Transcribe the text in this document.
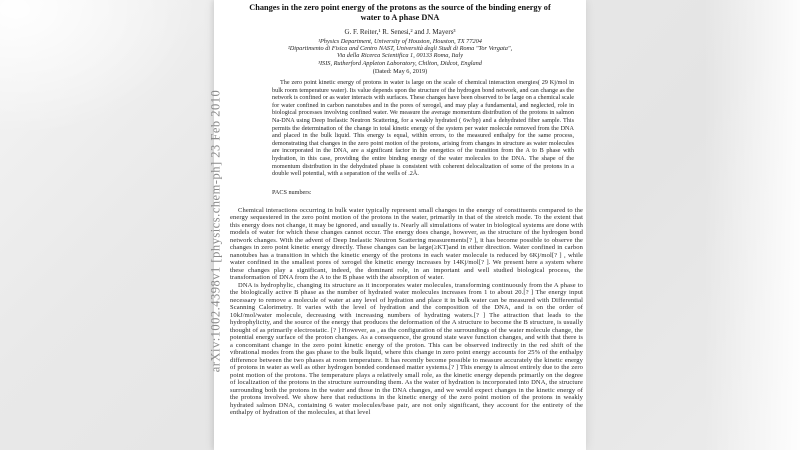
Changes in the zero point energy of the protons as the source of the binding energy of
water to A phase DNA
G. F. Reiter,¹ R. Senesi,² and J. Mayers³
¹Physics Department, University of Houston, Houston, TX 77204
²Dipartimento di Fisica and Centro NAST, Università degli Studi di Roma "Tor Vergata",
Via della Ricerca Scientifica 1, 00133 Roma, Italy
³ISIS, Rutherford Appleton Laboratory, Chilton, Didcot, England
(Dated: May 6, 2019)
The zero point kinetic energy of protons in water is large on the scale of chemical interaction energies( 29 Kj/mol in bulk room temperature water). Its value depends upon the structure of the hydrogen bond network, and can change as the network is confined or as water interacts with surfaces. These changes have been observed to be large on a chemical scale for water confined in carbon nanotubes and in the pores of xerogel, and may play a fundamental, and neglected, role in biological processes involving confined water. We measure the average momentum distribution of the protons in salmon Na-DNA using Deep Inelastic Neutron Scattering, for a weakly hydrated ( 6w/bp) and a dehydrated fiber sample. This permits the determination of the change in total kinetic energy of the system per water molecule removed from the DNA and placed in the bulk liquid. This energy is equal, within errors, to the measured enthalpy for the same process, demonstrating that changes in the zero point motion of the protons, arising from changes in structure as water molecules are incorporated in the DNA, are a significant factor in the energetics of the transition from the A to B phase with hydration, in this case, providing the entire binding energy of the water molecules to the DNA. The shape of the momentum distribution in the dehydrated phase is consistent with coherent delocalization of some of the protons in a double well potential, with a separation of the wells of .2Å.
PACS numbers:

Chemical interactions occurring in bulk water typically represent small changes in the energy of constituents compared to the energy sequestered in the zero point motion of the protons in the water, primarily in that of the stretch mode. To the extent that this energy does not change, it may be ignored, and usually is. Nearly all simulations of water in biological systems are done with models of water for which these changes cannot occur. The energy does change, however, as the structure of the hydrogen bond network changes. With the advent of Deep Inelastic Neutron Scattering measurements[? ], it has become possible to observe the changes in zero point kinetic energy directly. These changes can be large(≥KT)and in either direction. Water confined in carbon nanotubes has a transition in which the kinetic energy of the protons in each water molecule is reduced by 6Kj/mol[? ] , while water confined in the smallest pores of xerogel the kinetic energy increases by 14Kj/mol[? ]. We present here a system where these changes play a significant, indeed, the dominant role, in an important and well studied biological process, the transformation of DNA from the A to the B phase with the absorption of water.

DNA is hydrophylic, changing its structure as it incorporates water molecules, transforming continuously from the A phase to the biologically active B phase as the number of hydrated water molecules increases from 1 to about 20.[? ] The energy input necessary to remove a molecule of water at any level of hydration and place it in bulk water can be measured with Differential Scanning Calorimetry. It varies with the level of hydration and the composition of the DNA, and is on the order of 10kJ/mol/water molecule, decreasing with increasing numbers of hydrating waters.[? ] The attraction that leads to the hydrophylicity, and the source of the energy that produces the deformation of the A structure to become the B structure, is usually thought of as primarily electrostatic. [? ] However, as , as the configuration of the surroundings of the water molecule change, the potential energy surface of the proton changes. As a consequence, the ground state wave function changes, and with that there is a concomitant change in the zero point kinetic energy of the proton. This can be observed indirectly in the red shift of the vibrational modes from the gas phase to the bulk liquid, where this change in zero point energy accounts for 25% of the enthalpy difference between the two phases at room temperature. It has recently become possible to measure accurately the kinetic energy of protons in water as well as other hydrogen bonded condensed matter systems.[? ] This energy is almost entirely due to the zero point motion of the protons. The temperature plays a relatively small role, as the kinetic energy depends primarily on the degree of localization of the protons in the structure surrounding them. As the water of hydration is incorporated into DNA, the structure surrounding both the protons in the water and those in the DNA changes, and we would expect changes in the kinetic energy of the protons involved. We show here that reductions in the kinetic energy of the zero point motion of the protons in weakly hydrated salmon DNA, containing 6 water molecules/base pair, are not only significant, they account for the entirety of the enthalpy of hydration of the molecules, at that level

arXiv:1002.4398v1 [physics.chem-ph] 23 Feb 2010
